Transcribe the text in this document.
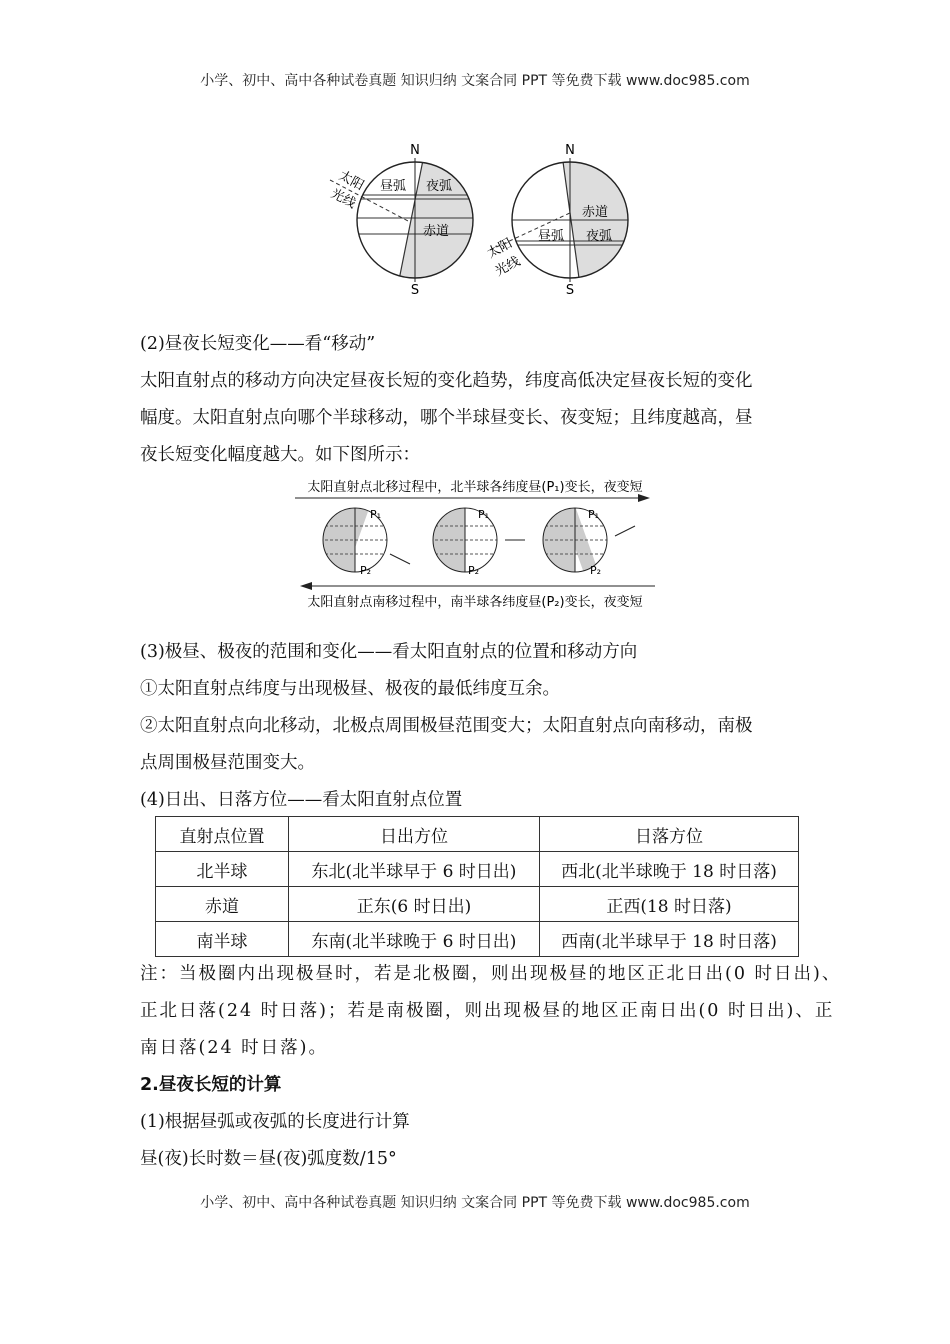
小学、初中、高中各种试卷真题 知识归纳 文案合同 PPT 等免费下载 www.doc985.com
N
S
昼弧 夜弧
赤道
太阳
光线
N
S
赤道
昼弧 夜弧
太阳
光线
(2)昼夜长短变化——看“移动”
太阳直射点的移动方向决定昼夜长短的变化趋势，纬度高低决定昼夜长短的变化
幅度。太阳直射点向哪个半球移动，哪个半球昼变长、夜变短；且纬度越高，昼
夜长短变化幅度越大。如下图所示：
太阳直射点北移过程中，北半球各纬度昼(P₁)变长，夜变短
P₁
P₂
P₁
P₂
P₁
P₂
太阳直射点南移过程中，南半球各纬度昼(P₂)变长，夜变短
(3)极昼、极夜的范围和变化——看太阳直射点的位置和移动方向
①太阳直射点纬度与出现极昼、极夜的最低纬度互余。
②太阳直射点向北移动，北极点周围极昼范围变大；太阳直射点向南移动，南极
点周围极昼范围变大。
(4)日出、日落方位——看太阳直射点位置
直射点位置	日出方位	日落方位
北半球	东北(北半球早于 6 时日出)	西北(北半球晚于 18 时日落)
赤道	正东(6 时日出)	正西(18 时日落)
南半球	东南(北半球晚于 6 时日出)	西南(北半球早于 18 时日落)
注：当极圈内出现极昼时，若是北极圈，则出现极昼的地区正北日出(0 时日出)、
正北日落(24 时日落)；若是南极圈，则出现极昼的地区正南日出(0 时日出)、正
南日落(24 时日落)。
2.昼夜长短的计算
(1)根据昼弧或夜弧的长度进行计算
昼(夜)长时数＝昼(夜)弧度数/15°
小学、初中、高中各种试卷真题 知识归纳 文案合同 PPT 等免费下载 www.doc985.com
